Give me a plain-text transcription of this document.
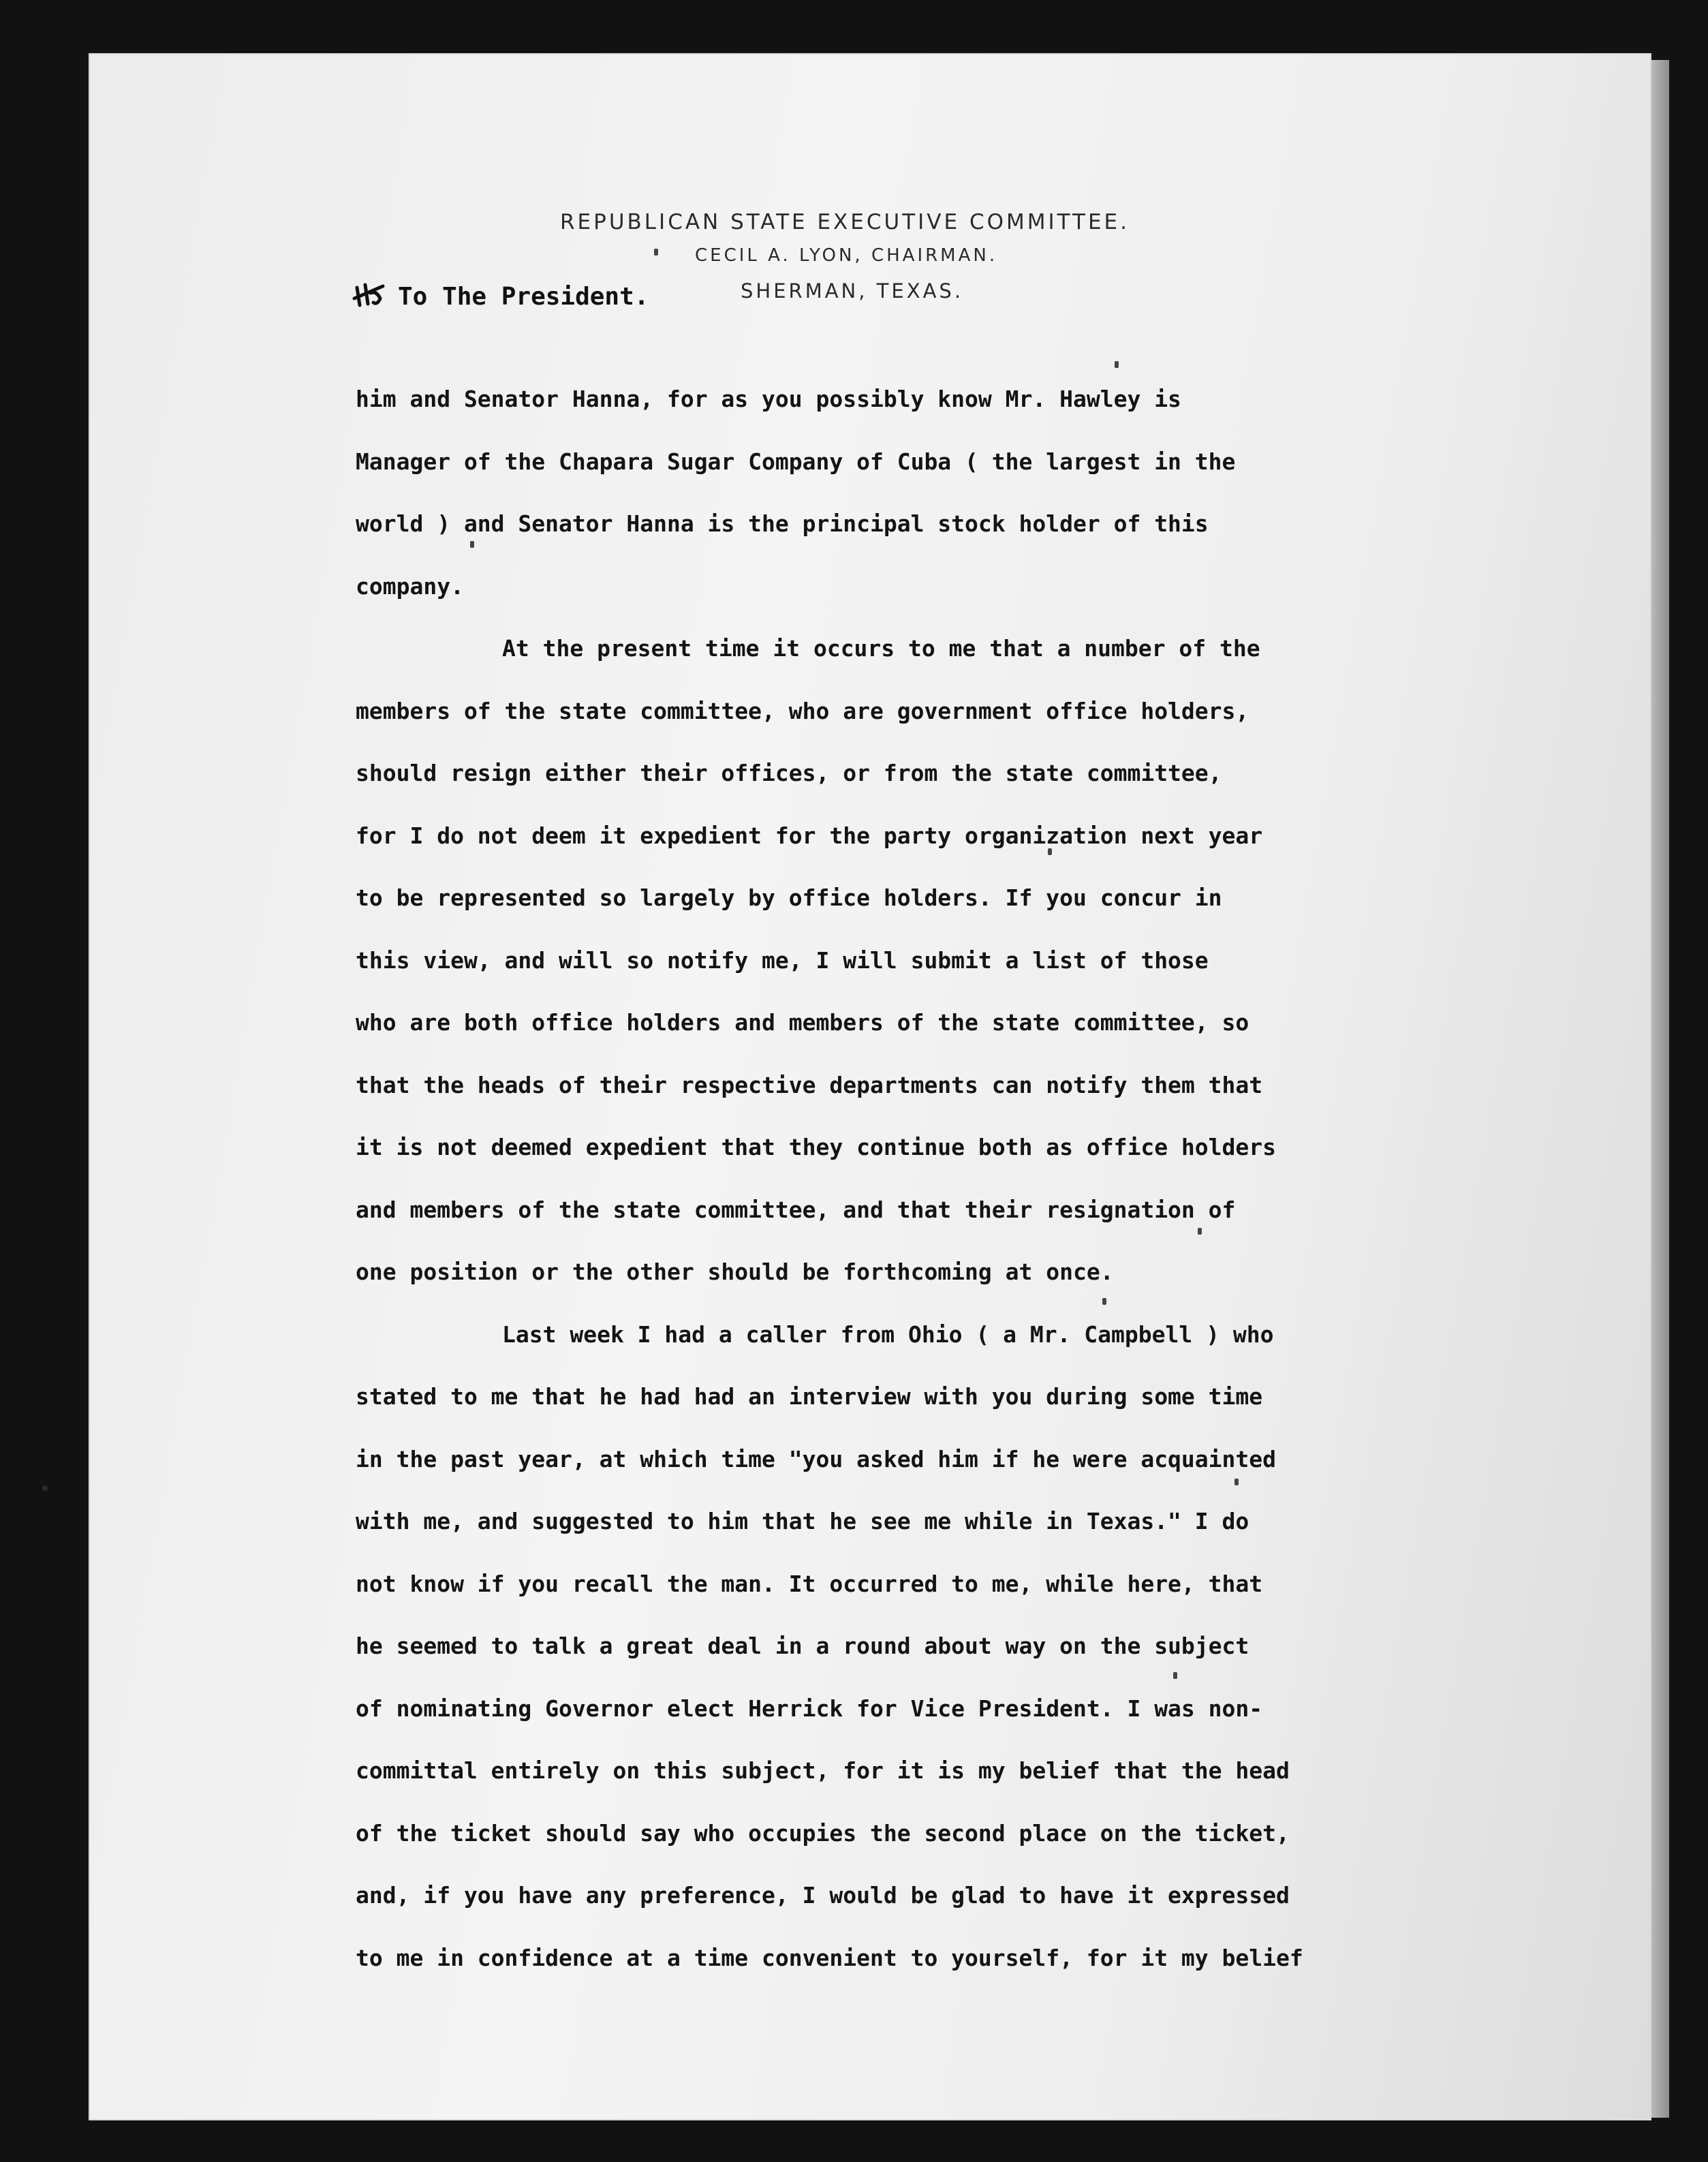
REPUBLICAN STATE EXECUTIVE COMMITTEE.
CECIL A. LYON, CHAIRMAN.
SHERMAN, TEXAS.
To The President.
him and Senator Hanna, for as you possibly know Mr. Hawley is
Manager of the Chapara Sugar Company of Cuba ( the largest in the
world ) and Senator Hanna is the principal stock holder of this
company.
At the present time it occurs to me that a number of the
members of the state committee, who are government office holders,
should resign either their offices, or from the state committee,
for I do not deem it expedient for the party organization next year
to be represented so largely by office holders. If you concur in
this view, and will so notify me, I will submit a list of those
who are both office holders and members of the state committee, so
that the heads of their respective departments can notify them that
it is not deemed expedient that they continue both as office holders
and members of the state committee, and that their resignation of
one position or the other should be forthcoming at once.
Last week I had a caller from Ohio ( a Mr. Campbell ) who
stated to me that he had had an interview with you during some time
in the past year, at which time "you asked him if he were acquainted
with me, and suggested to him that he see me while in Texas." I do
not know if you recall the man. It occurred to me, while here, that
he seemed to talk a great deal in a round about way on the subject
of nominating Governor elect Herrick for Vice President. I was non-
committal entirely on this subject, for it is my belief that the head
of the ticket should say who occupies the second place on the ticket,
and, if you have any preference, I would be glad to have it expressed
to me in confidence at a time convenient to yourself, for it my belief
